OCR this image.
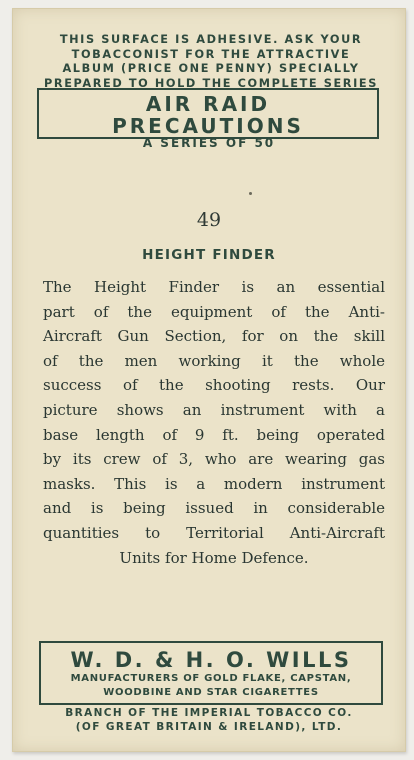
THIS SURFACE IS ADHESIVE. ASK YOUR
TOBACCONIST FOR THE ATTRACTIVE
ALBUM (PRICE ONE PENNY) SPECIALLY
PREPARED TO HOLD THE COMPLETE SERIES
AIR RAID
PRECAUTIONS
A SERIES OF 50
49
HEIGHT FINDER
The Height Finder is an essential
part of the equipment of the Anti-
Aircraft Gun Section, for on the skill
of the men working it the whole
success of the shooting rests. Our
picture shows an instrument with a
base length of 9 ft. being operated
by its crew of 3, who are wearing gas
masks. This is a modern instrument
and is being issued in considerable
quantities to Territorial Anti-Aircraft
Units for Home Defence.
W. D. & H. O. WILLS
MANUFACTURERS OF GOLD FLAKE, CAPSTAN,
WOODBINE AND STAR CIGARETTES
BRANCH OF THE IMPERIAL TOBACCO CO.
(OF GREAT BRITAIN & IRELAND), LTD.
